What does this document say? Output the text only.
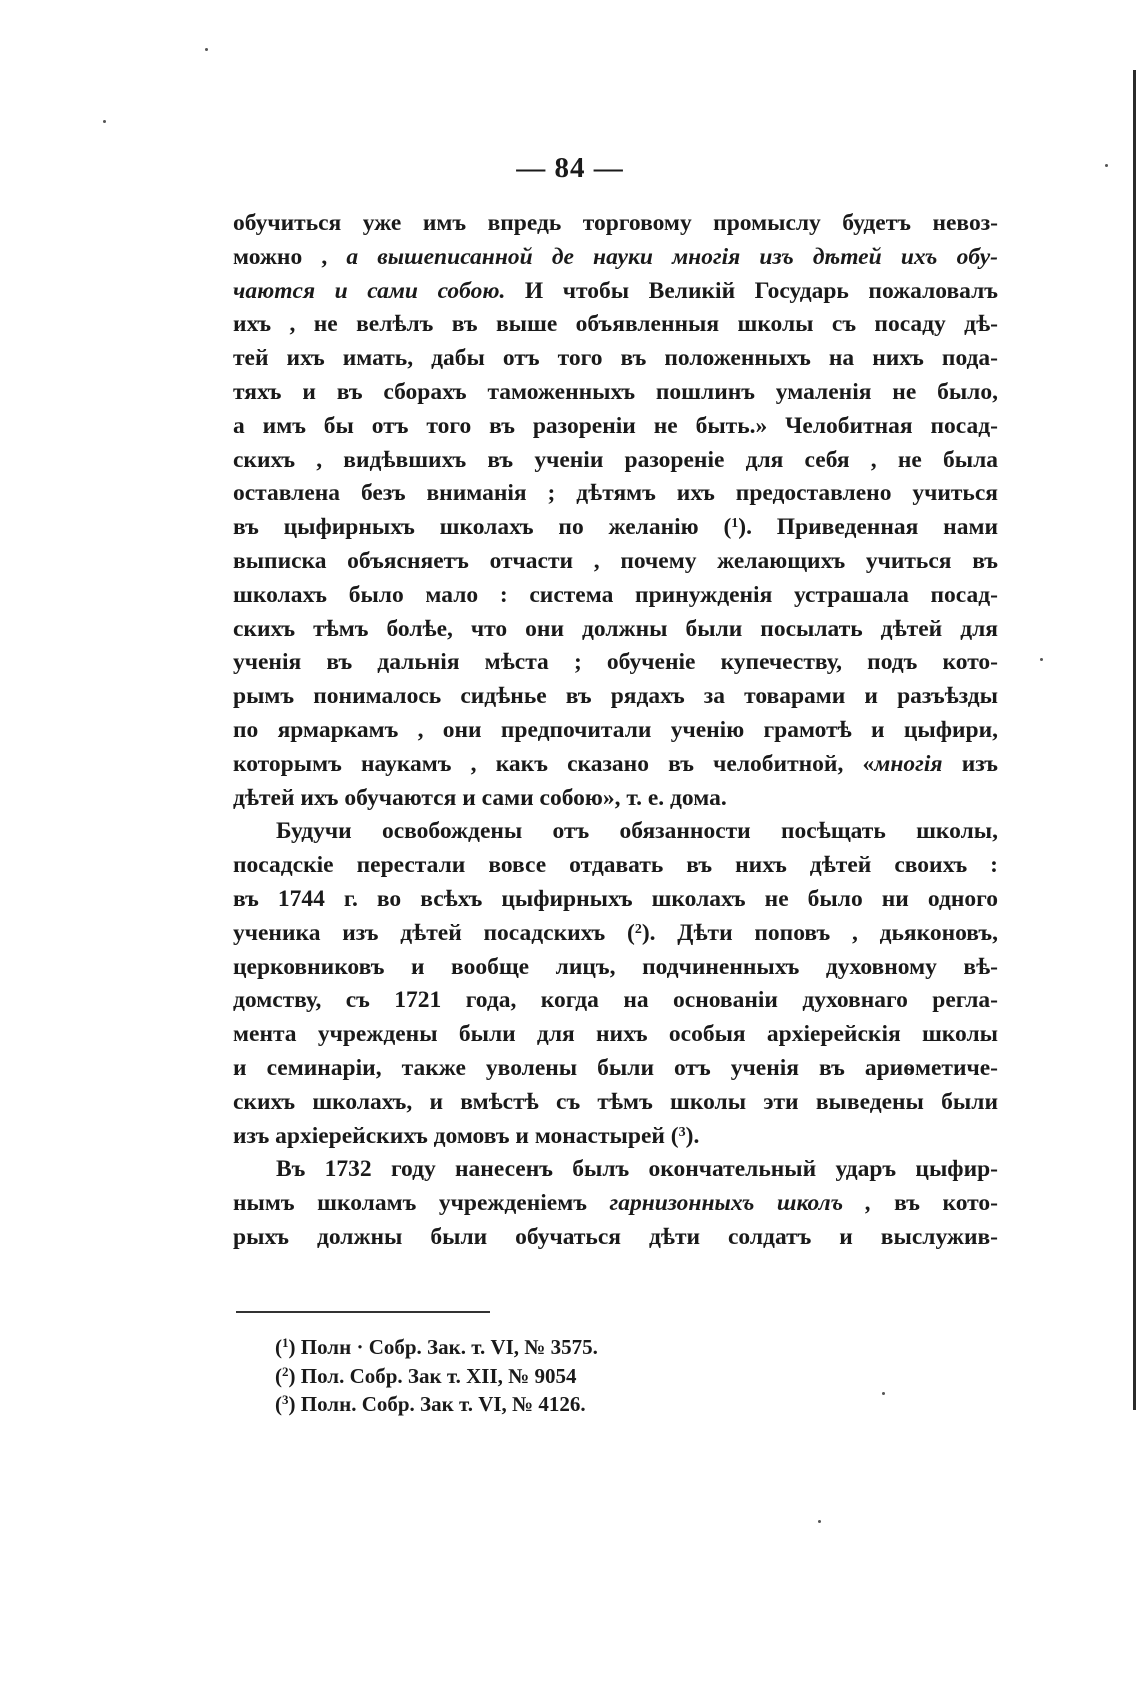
— 84 —
обучиться уже имъ впредь торговому промыслу будетъ невоз-
можно , а вышеписанной де науки многія изъ дѣтей ихъ обу-
чаются и сами собою. И чтобы Великій Государь пожаловалъ
ихъ , не велѣлъ въ выше объявленныя школы съ посаду дѣ-
тей ихъ имать, дабы отъ того въ положенныхъ на нихъ пода-
тяхъ и въ сборахъ таможенныхъ пошлинъ умаленія не было,
а имъ бы отъ того въ разореніи не быть.» Челобитная посад-
скихъ , видѣвшихъ въ ученіи разореніе для себя , не была
оставлена безъ вниманія ; дѣтямъ ихъ предоставлено учиться
въ цыфирныхъ школахъ по желанію ($^1$). Приведенная нами
выписка объясняетъ отчасти , почему желающихъ учиться въ
школахъ было мало : система принужденія устрашала посад-
скихъ тѣмъ болѣе, что они должны были посылать дѣтей для
ученія въ дальнія мѣста ; обученіе купечеству, подъ кото-
рымъ понималось сидѣнье въ рядахъ за товарами и разъѣзды
по ярмаркамъ , они предпочитали ученію грамотѣ и цыфири,
которымъ наукамъ , какъ сказано въ челобитной, «многія изъ
дѣтей ихъ обучаются и сами собою», т. е. дома.
Будучи освобождены отъ обязанности посѣщать школы,
посадскіе перестали вовсе отдавать въ нихъ дѣтей своихъ :
въ 1744 г. во всѣхъ цыфирныхъ школахъ не было ни одного
ученика изъ дѣтей посадскихъ ($^2$). Дѣти поповъ , дьяконовъ,
церковниковъ и вообще лицъ, подчиненныхъ духовному вѣ-
домству, съ 1721 года, когда на основаніи духовнаго регла-
мента учреждены были для нихъ особыя архіерейскія школы
и семинаріи, также уволены были отъ ученія въ ариѳметиче-
скихъ школахъ, и вмѣстѣ съ тѣмъ школы эти выведены были
изъ архіерейскихъ домовъ и монастырей ($^3$).
Въ 1732 году нанесенъ былъ окончательный ударъ цыфир-
нымъ школамъ учрежденіемъ гарнизонныхъ школъ , въ кото-
рыхъ должны были обучаться дѣти солдатъ и выслужив-
($^1$) Полн · Собр. Зак. т. VI, № 3575.
($^2$) Пол. Собр. Зак т. XII, № 9054
($^3$) Полн. Собр. Зак т. VI, № 4126.
